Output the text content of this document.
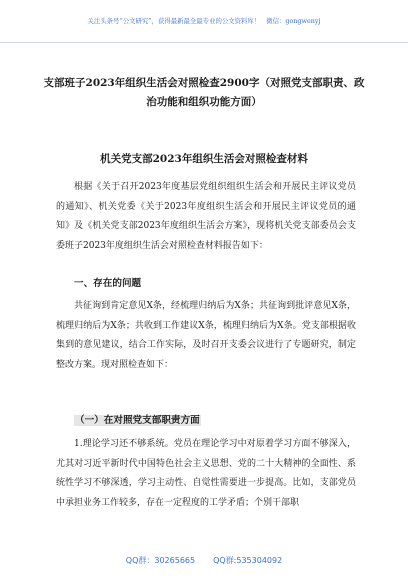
关注头条号“公文研究”，获得最新最全最专业的公文资料库！ 微信：gongwenyj
支部班子2023年组织生活会对照检查2900字（对照党支部职责、政治功能和组织功能方面）
机关党支部2023年组织生活会对照检查材料

根据《关于召开2023年度基层党组织组织生活会和开展民主评议党员的通知》、机关党委《关于2023年度组织生活会和开展民主评议党员的通知》及《机关党支部2023年度组织生活会方案》，现将机关党支部委员会支委班子2023年度组织生活会对照检查材料报告如下：

一、存在的问题

共征询到肯定意见X条，经梳理归纳后为X条；共征询到批评意见X条，梳理归纳后为X条；共收到工作建议X条，梳理归纳后为X条。党支部根据收集到的意见建议，结合工作实际，及时召开支委会议进行了专题研究，制定整改方案。现对照检查如下：

（一）在对照党支部职责方面

1.理论学习还不够系统。党员在理论学习中对原着学习方面不够深入，尤其对习近平新时代中国特色社会主义思想、党的二十大精神的全面性、系统性学习不够深透，学习主动性、自觉性需要进一步提高。比如，支部党员中承担业务工作较多，存在一定程度的工学矛盾；个别干部职

QQ群：30265665 QQ群:535304092
